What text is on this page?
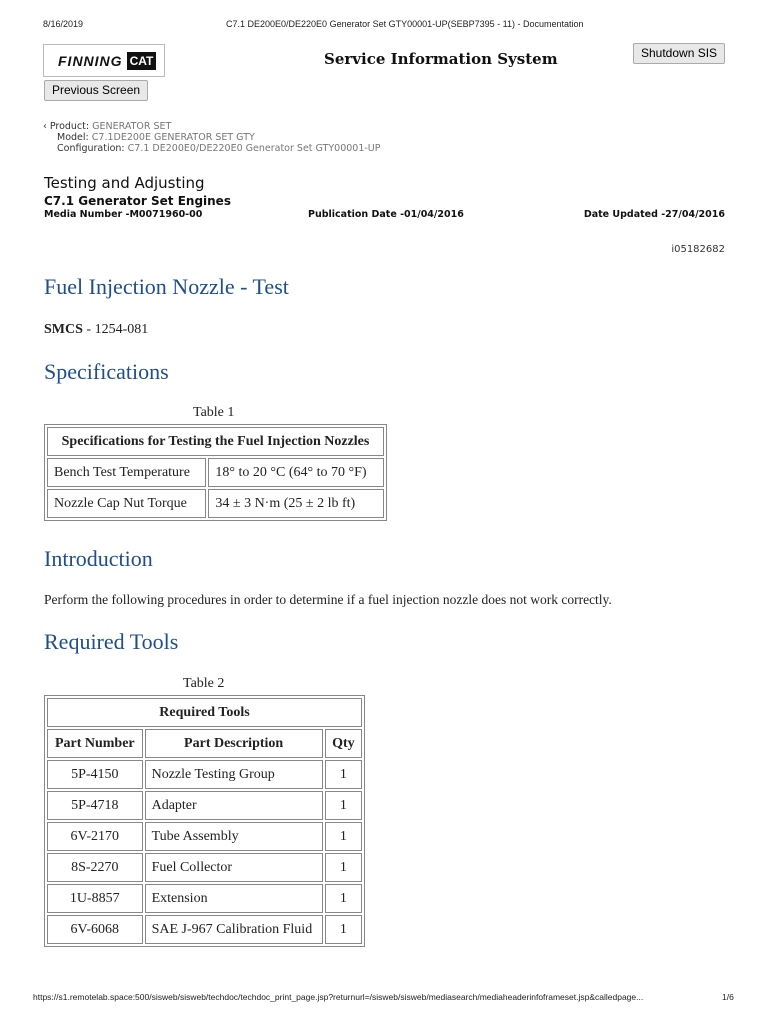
8/16/2019	C7.1 DE200E0/DE220E0 Generator Set GTY00001-UP(SEBP7395 - 11) - Documentation
FINNING CAT	Service Information System	Shutdown SIS
Previous Screen
‹ Product: GENERATOR SET
Model: C7.1DE200E GENERATOR SET GTY
Configuration: C7.1 DE200E0/DE220E0 Generator Set GTY00001-UP
Testing and Adjusting
C7.1 Generator Set Engines
Media Number -M0071960-00	Publication Date -01/04/2016	Date Updated -27/04/2016
i05182682
Fuel Injection Nozzle - Test
SMCS - 1254-081
Specifications
Table 1
Specifications for Testing the Fuel Injection Nozzles	
Bench Test Temperature	18° to 20 °C (64° to 70 °F)
Nozzle Cap Nut Torque	34 ± 3 N·m (25 ± 2 lb ft)
Introduction
Perform the following procedures in order to determine if a fuel injection nozzle does not work correctly.
Required Tools
Table 2
Required Tools		
Part Number	Part Description	Qty
5P-4150	Nozzle Testing Group	1
5P-4718	Adapter	1
6V-2170	Tube Assembly	1
8S-2270	Fuel Collector	1
1U-8857	Extension	1
6V-6068	SAE J-967 Calibration Fluid	1
https://s1.remotelab.space:500/sisweb/sisweb/techdoc/techdoc_print_page.jsp?returnurl=/sisweb/sisweb/mediasearch/mediaheaderinfoframeset.jsp&calledpage...	1/6
